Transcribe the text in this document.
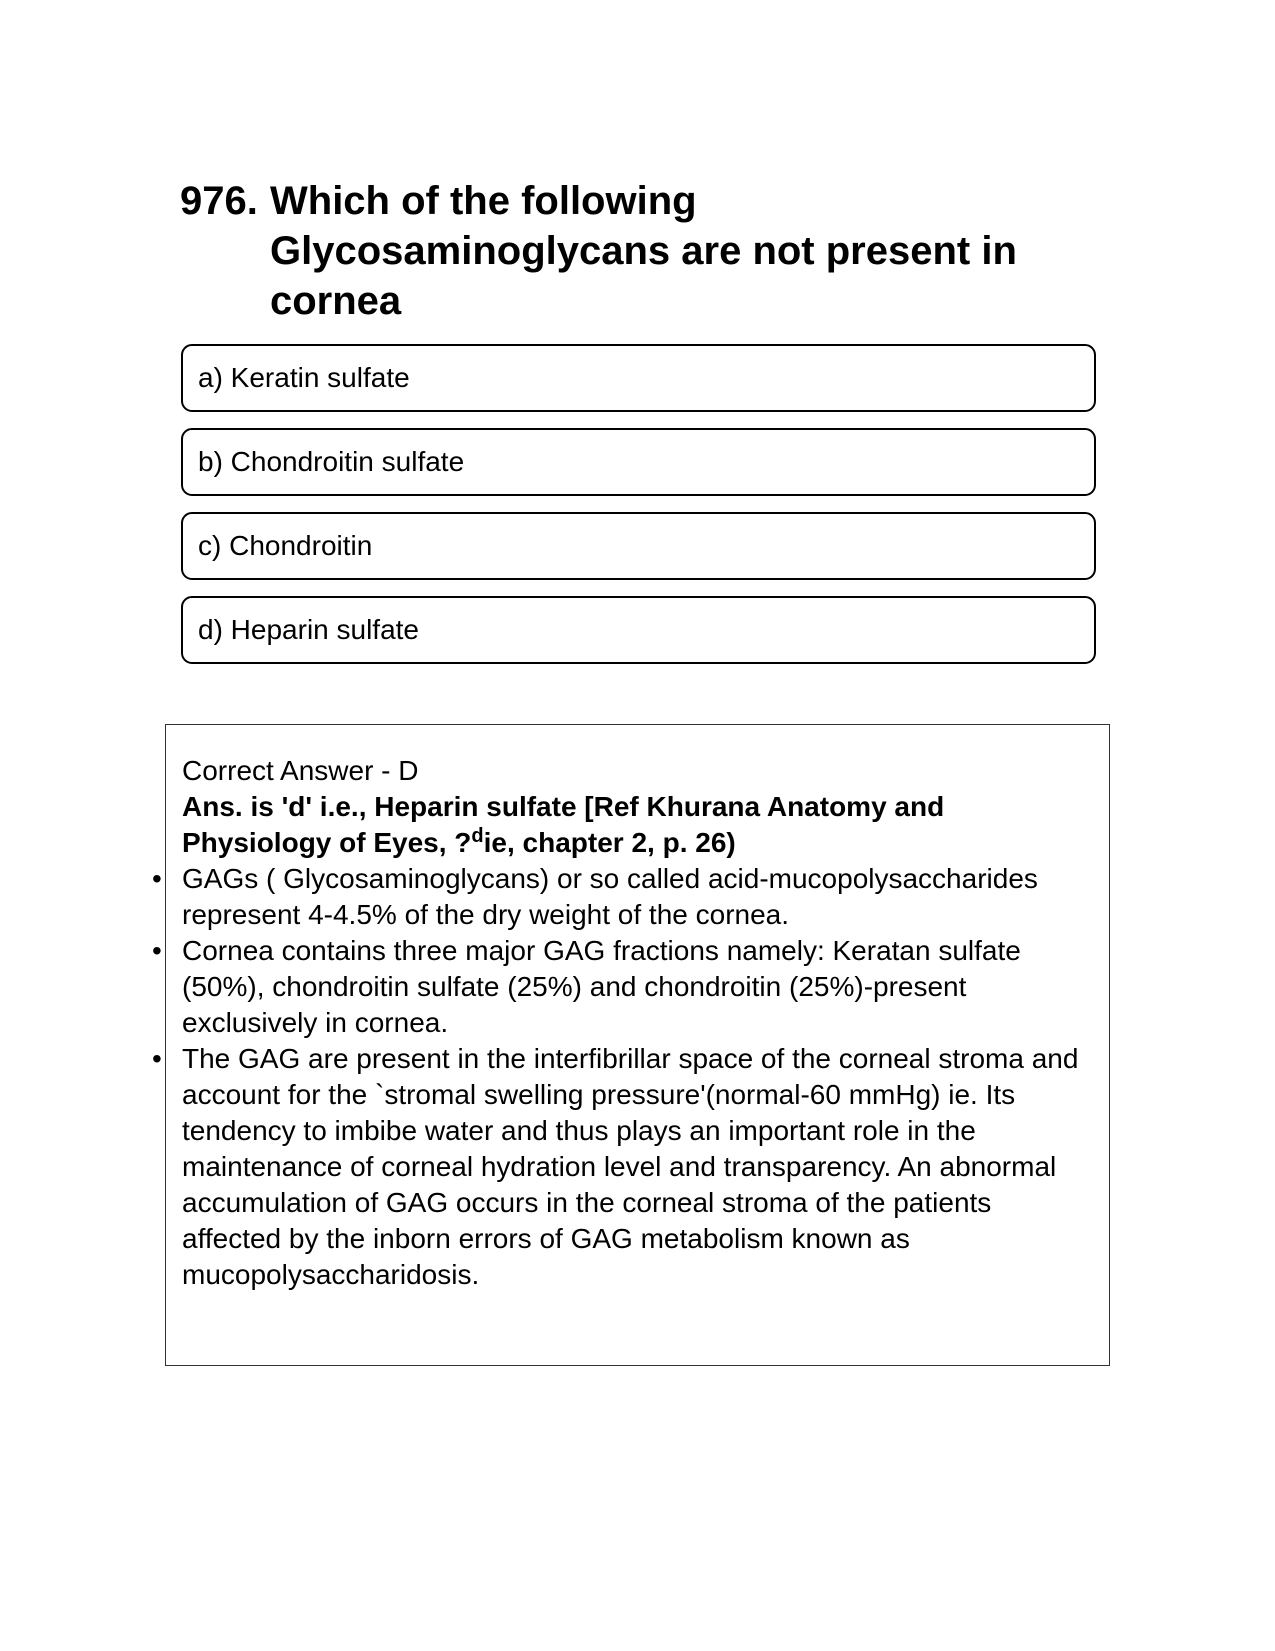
976. Which of the following Glycosaminoglycans are not present in cornea
a) Keratin sulfate
b) Chondroitin sulfate
c) Chondroitin
d) Heparin sulfate

Correct Answer - D

Ans. is 'd' i.e., Heparin sulfate [Ref Khurana Anatomy and Physiology of Eyes, ?$^d$ie, chapter 2, p. 26)

• GAGs ( Glycosaminoglycans) or so called acid-mucopolysaccharides represent 4-4.5% of the dry weight of the cornea.
• Cornea contains three major GAG fractions namely: Keratan sulfate (50%), chondroitin sulfate (25%) and chondroitin (25%)-present exclusively in cornea.
• The GAG are present in the interfibrillar space of the corneal stroma and account for the `stromal swelling pressure'(normal-60 mmHg) ie. Its tendency to imbibe water and thus plays an important role in the maintenance of corneal hydration level and transparency. An abnormal accumulation of GAG occurs in the corneal stroma of the patients affected by the inborn errors of GAG metabolism known as mucopolysaccharidosis.
